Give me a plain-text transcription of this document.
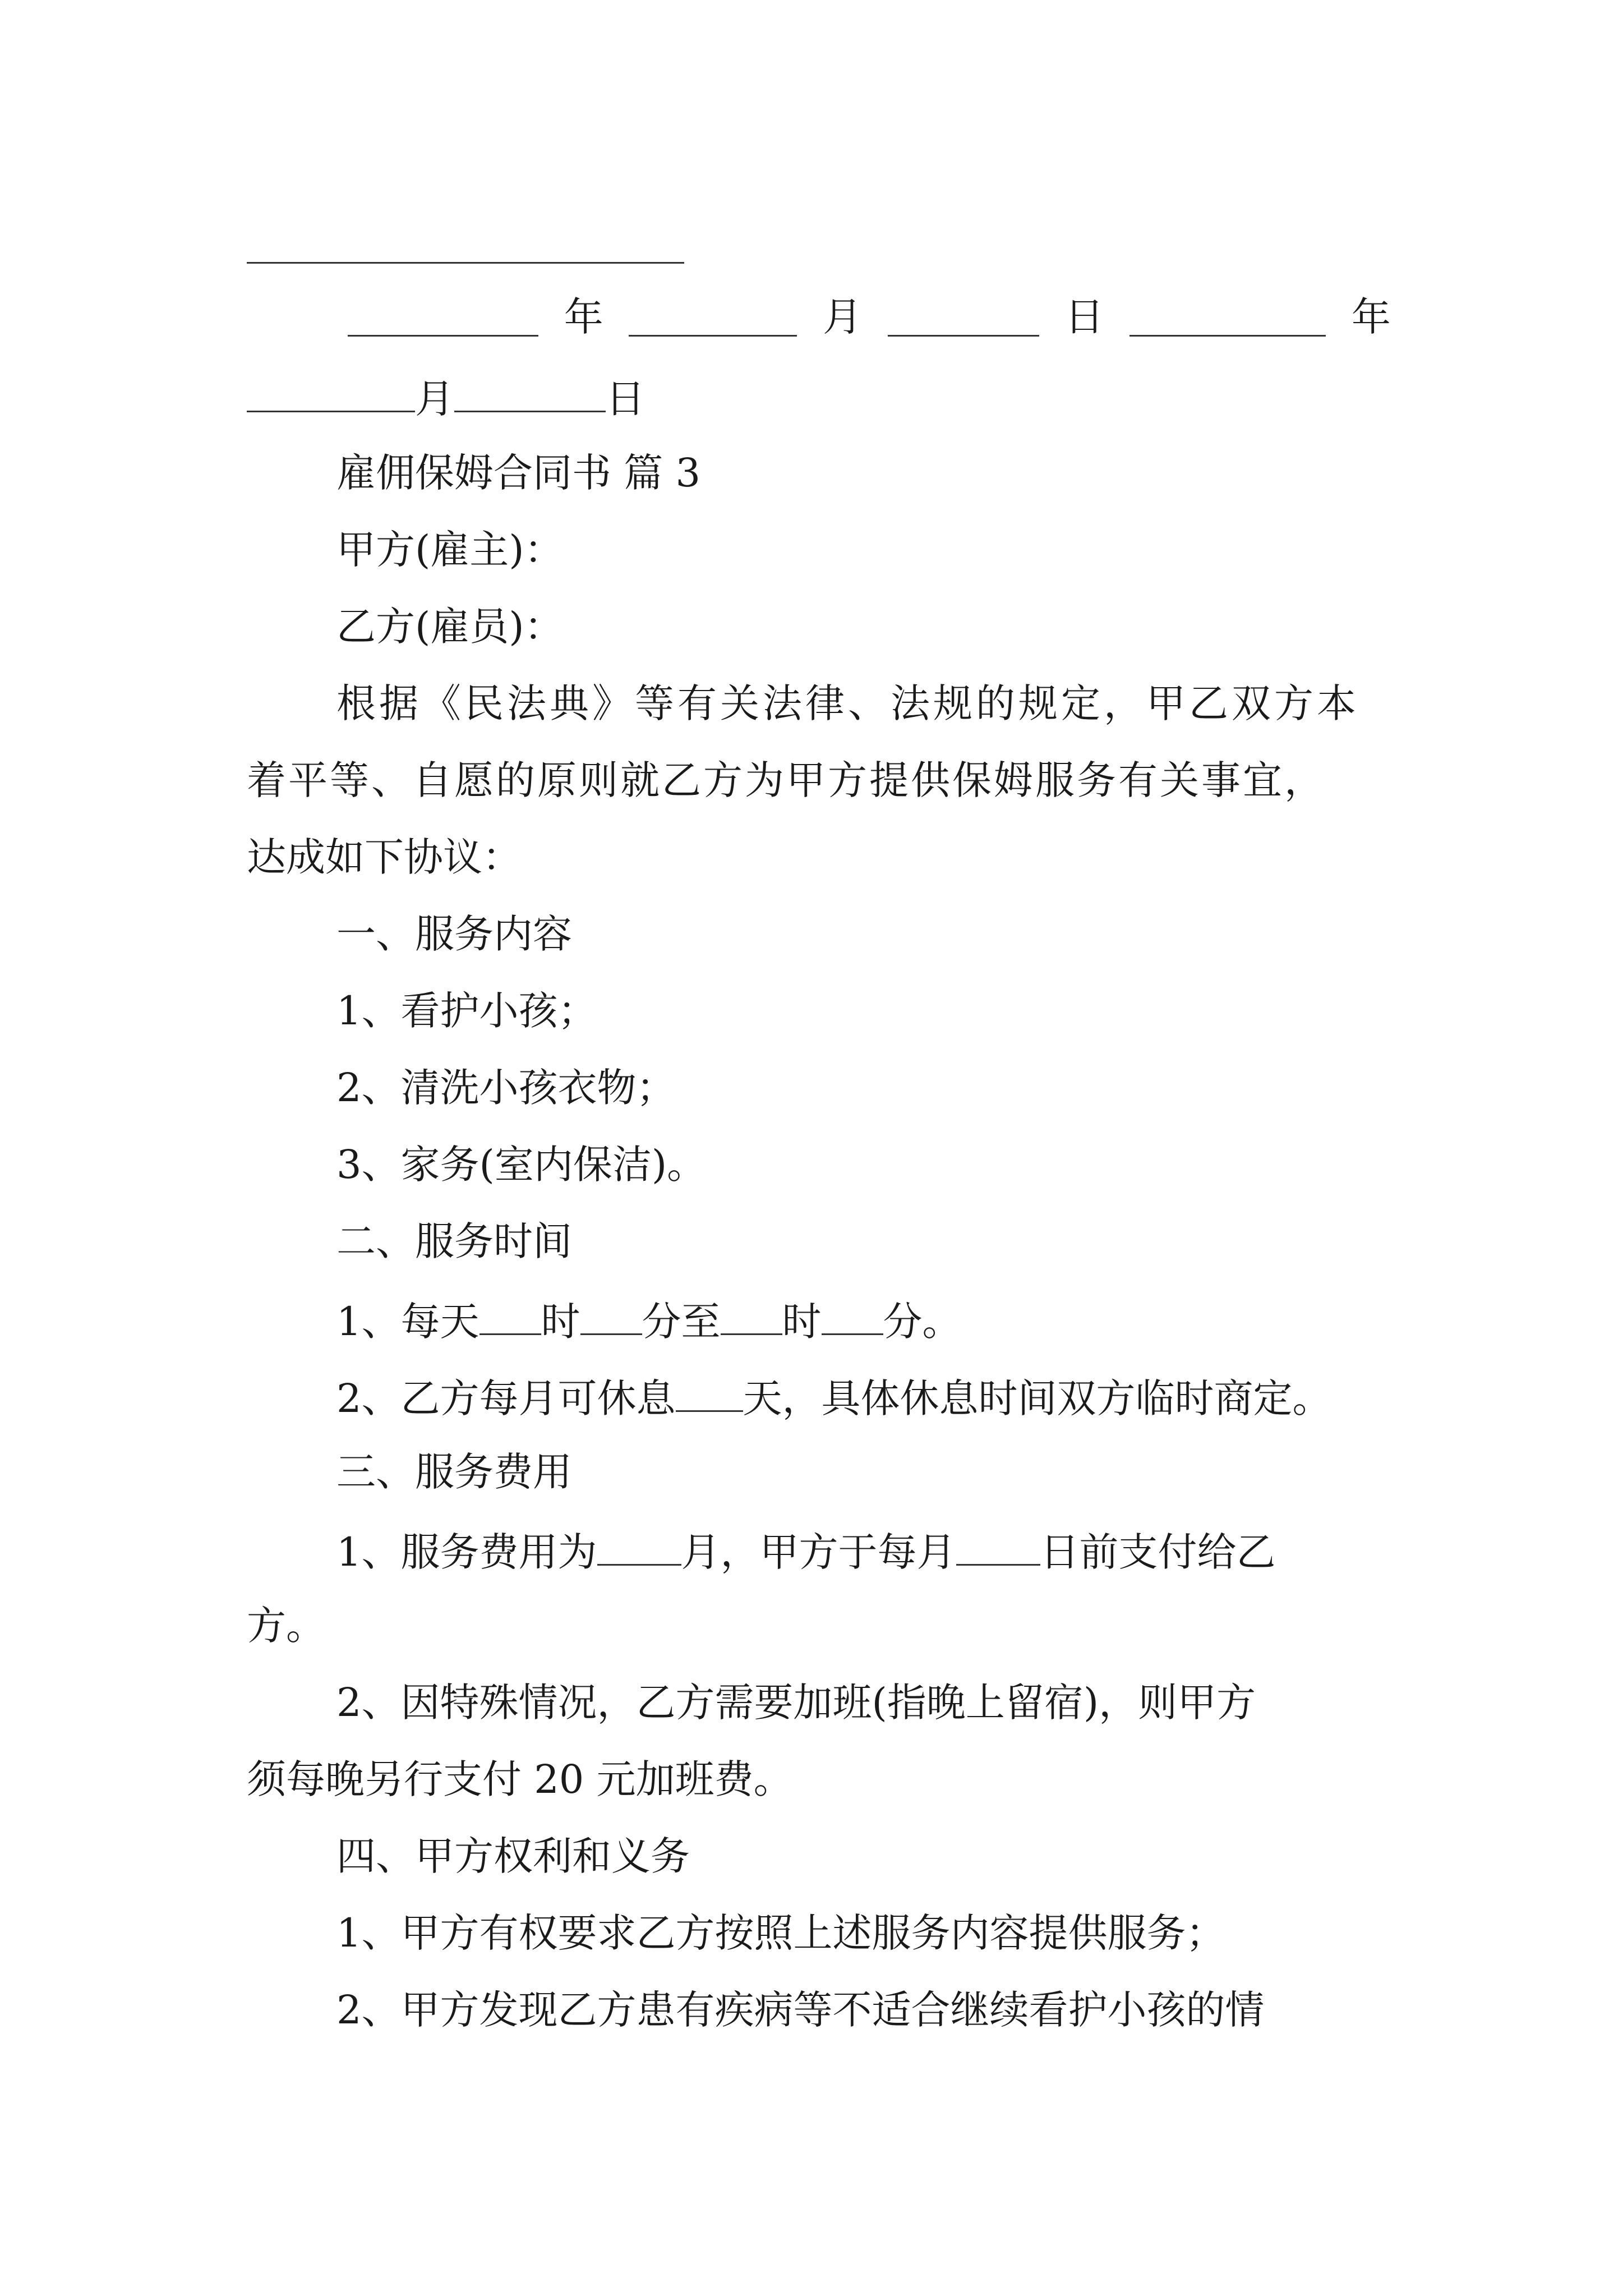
年	月	日	年
月	日
雇佣保姆合同书 篇 3
甲方(雇主)：
乙方(雇员)：
根据《民法典》等有关法律、法规的规定，甲乙双方本
着平等、自愿的原则就乙方为甲方提供保姆服务有关事宜，
达成如下协议：
一、服务内容
1、看护小孩；
2、清洗小孩衣物；
3、家务(室内保洁)。
二、服务时间
1、每天 时 分至 时 分。
2、乙方每月可休息 天，具体休息时间双方临时商定。
三、服务费用
1、服务费用为 月，甲方于每月 日前支付给乙
方。
2、因特殊情况，乙方需要加班(指晚上留宿)，则甲方
须每晚另行支付 20 元加班费。
四、甲方权利和义务
1、甲方有权要求乙方按照上述服务内容提供服务；
2、甲方发现乙方患有疾病等不适合继续看护小孩的情
